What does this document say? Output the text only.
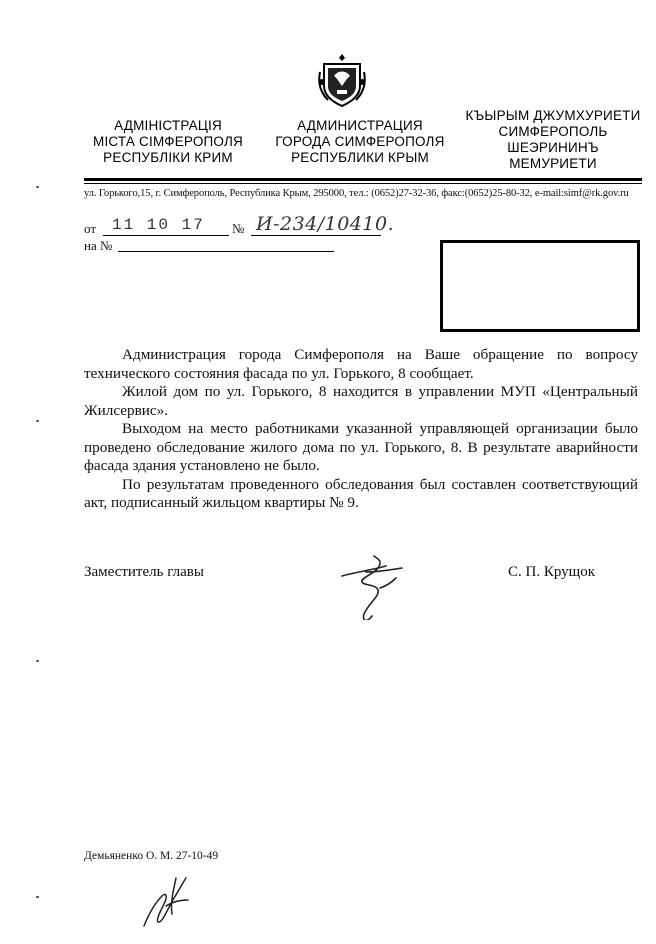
АДМІНІСТРАЦІЯ
МІСТА СІМФЕРОПОЛЯ
РЕСПУБЛІКИ КРИМ
АДМИНИСТРАЦИЯ
ГОРОДА СИМФЕРОПОЛЯ
РЕСПУБЛИКИ КРЫМ
КЪЫРЫМ ДЖУМХУРИЕТИ
СИМФЕРОПОЛЬ
ШЕЭРИНИНЪ
МЕМУРИЕТИ
ул. Горького,15, г. Симферополь, Республика Крым, 295000, тел.: (0652)27-32-36, факс:(0652)25-80-32, e-mail:simf@rk.gov.ru
от 11 10 17 № И-234/10410.
на №

Администрация города Симферополя на Ваше обращение по вопросу технического состояния фасада по ул. Горького, 8 сообщает.

Жилой дом по ул. Горького, 8 находится в управлении МУП «Центральный Жилсервис».

Выходом на место работниками указанной управляющей организации было проведено обследование жилого дома по ул. Горького, 8. В результате аварийности фасада здания установлено не было.

По результатам проведенного обследования был составлен соответствующий акт, подписанный жильцом квартиры № 9.

Заместитель главы	С. П. Крущок
Демьяненко О. М. 27-10-49
